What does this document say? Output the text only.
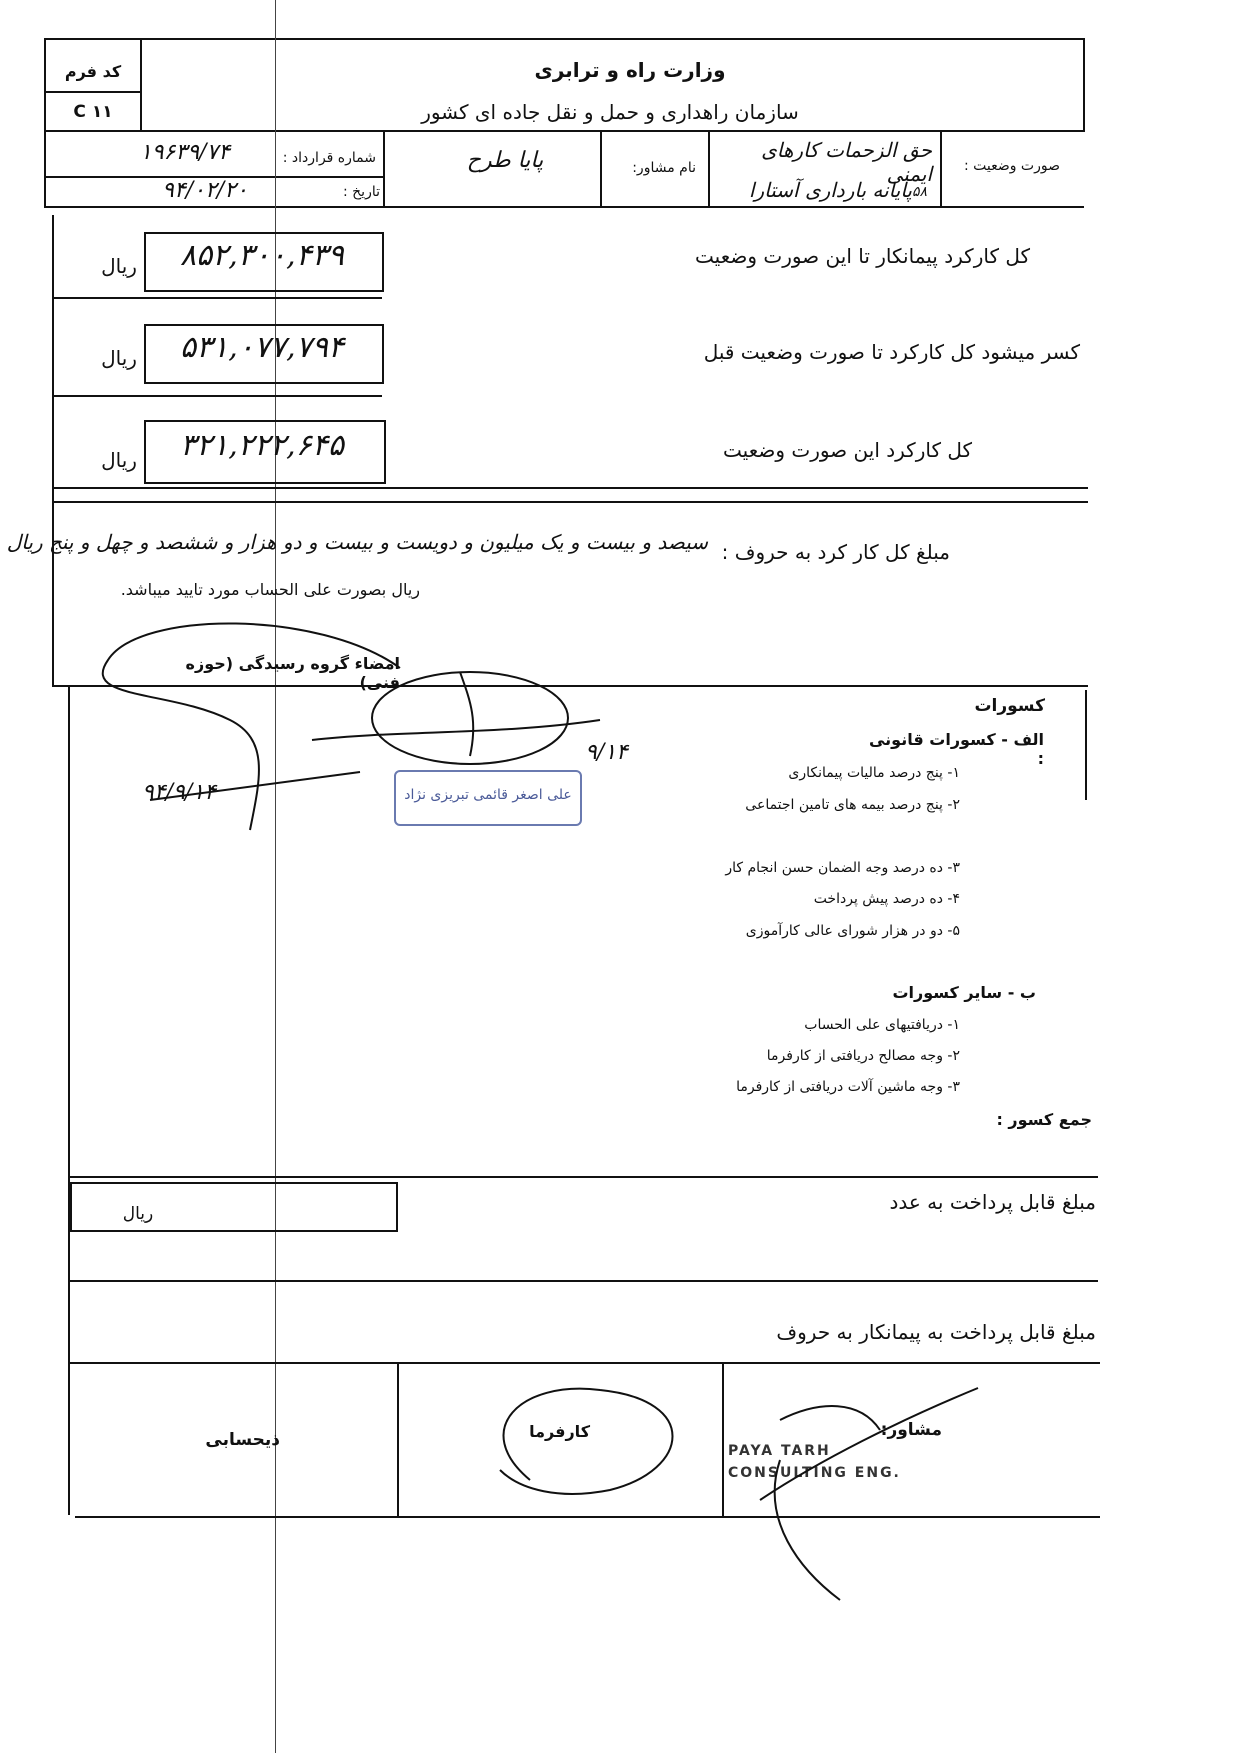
کد فرم
C ۱۱
وزارت راه و ترابری
سازمان راهداری و حمل و نقل جاده ای کشور
صورت وضعیت :
حق الزحمات کارهای ایمنی
پایانه بارداری آستارا ۵۸
نام مشاور:
پایا طرح
شماره قرارداد :
۱۹۶۳۹/۷۴
تاریخ :
۹۴/۰۲/۲۰
۸۵۲,۳۰۰,۴۳۹
ریال	کل کارکرد پیمانکار تا این صورت وضعیت
۵۳۱,۰۷۷,۷۹۴
ریال	کسر میشود کل کارکرد تا صورت وضعیت قبل
۳۲۱,۲۲۲,۶۴۵
ریال	کل کارکرد این صورت وضعیت
مبلغ کل کار کرد به حروف :
سیصد و بیست و یک میلیون و دویست و بیست و دو هزار و ششصد و چهل و پنج ریال
ریال بصورت علی الحساب مورد تایید میباشد.
امضاء گروه رسیدگی (حوزه فنی)
۹/۱۴
۹۴/۹/۱۴	علی اصغر قائمی تبریزی نژاد
کسورات
الف - کسورات قانونی :
۱- پنج درصد مالیات پیمانکاری
۲- پنج درصد بیمه های تامین اجتماعی
۳- ده درصد وجه الضمان حسن انجام کار
۴- ده درصد پیش پرداخت
۵- دو در هزار شورای عالی کارآموزی
ب - سایر کسورات
۱- دریافتیهای علی الحساب
۲- وجه مصالح دریافتی از کارفرما
۳- وجه ماشین آلات دریافتی از کارفرما
جمع کسور :
ریال	مبلغ قابل پرداخت به عدد
مبلغ قابل پرداخت به پیمانکار به حروف
مشاور:
کارفرما
ذیحسابی
PAYA TARH CONSULTING ENG.
